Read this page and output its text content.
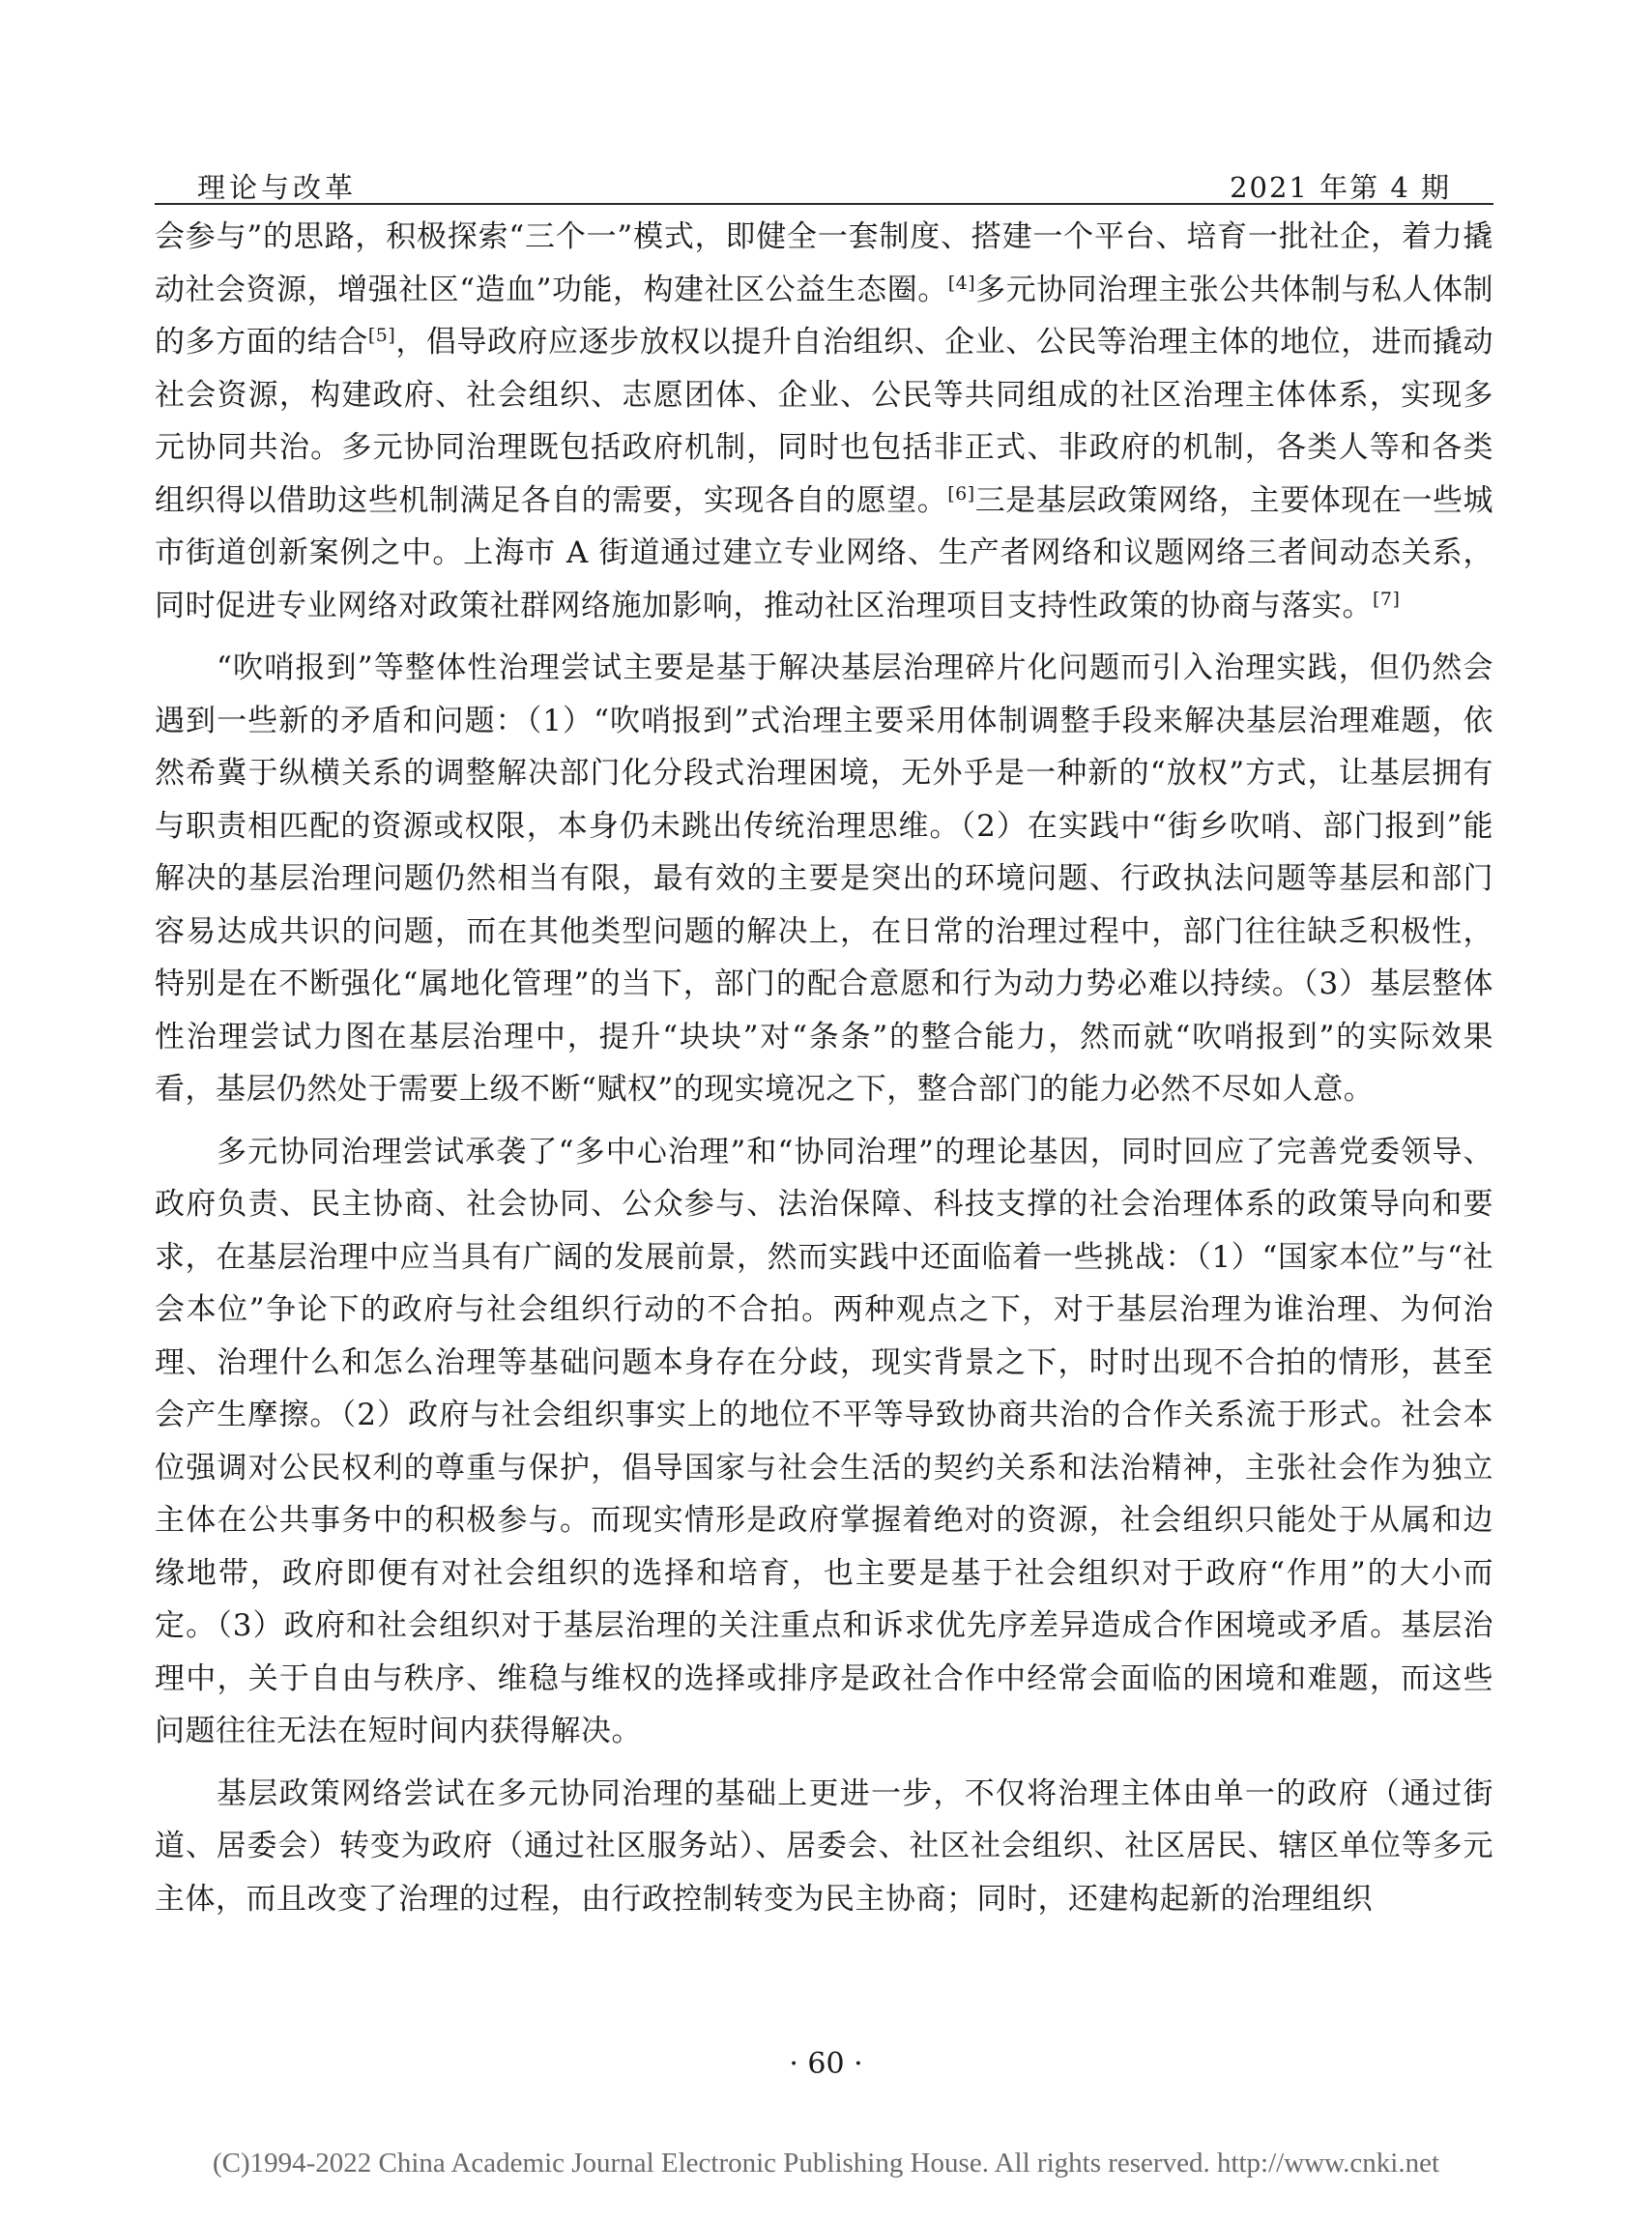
理论与改革	2021 年第 4 期

会参与”的思路，积极探索“三个一”模式，即健全一套制度、搭建一个平台、培育一批社企，着力撬动社会资源，增强社区“造血”功能，构建社区公益生态圈。[4]多元协同治理主张公共体制与私人体制的多方面的结合[5]，倡导政府应逐步放权以提升自治组织、企业、公民等治理主体的地位，进而撬动社会资源，构建政府、社会组织、志愿团体、企业、公民等共同组成的社区治理主体体系，实现多元协同共治。多元协同治理既包括政府机制，同时也包括非正式、非政府的机制，各类人等和各类组织得以借助这些机制满足各自的需要，实现各自的愿望。[6]三是基层政策网络，主要体现在一些城市街道创新案例之中。上海市 A 街道通过建立专业网络、生产者网络和议题网络三者间动态关系，同时促进专业网络对政策社群网络施加影响，推动社区治理项目支持性政策的协商与落实。[7]

“吹哨报到”等整体性治理尝试主要是基于解决基层治理碎片化问题而引入治理实践，但仍然会遇到一些新的矛盾和问题：（1）“吹哨报到”式治理主要采用体制调整手段来解决基层治理难题，依然希冀于纵横关系的调整解决部门化分段式治理困境，无外乎是一种新的“放权”方式，让基层拥有与职责相匹配的资源或权限，本身仍未跳出传统治理思维。（2）在实践中“街乡吹哨、部门报到”能解决的基层治理问题仍然相当有限，最有效的主要是突出的环境问题、行政执法问题等基层和部门容易达成共识的问题，而在其他类型问题的解决上，在日常的治理过程中，部门往往缺乏积极性，特别是在不断强化“属地化管理”的当下，部门的配合意愿和行为动力势必难以持续。（3）基层整体性治理尝试力图在基层治理中，提升“块块”对“条条”的整合能力，然而就“吹哨报到”的实际效果看，基层仍然处于需要上级不断“赋权”的现实境况之下，整合部门的能力必然不尽如人意。

多元协同治理尝试承袭了“多中心治理”和“协同治理”的理论基因，同时回应了完善党委领导、政府负责、民主协商、社会协同、公众参与、法治保障、科技支撑的社会治理体系的政策导向和要求，在基层治理中应当具有广阔的发展前景，然而实践中还面临着一些挑战：（1）“国家本位”与“社会本位”争论下的政府与社会组织行动的不合拍。两种观点之下，对于基层治理为谁治理、为何治理、治理什么和怎么治理等基础问题本身存在分歧，现实背景之下，时时出现不合拍的情形，甚至会产生摩擦。（2）政府与社会组织事实上的地位不平等导致协商共治的合作关系流于形式。社会本位强调对公民权利的尊重与保护，倡导国家与社会生活的契约关系和法治精神，主张社会作为独立主体在公共事务中的积极参与。而现实情形是政府掌握着绝对的资源，社会组织只能处于从属和边缘地带，政府即便有对社会组织的选择和培育，也主要是基于社会组织对于政府“作用”的大小而定。（3）政府和社会组织对于基层治理的关注重点和诉求优先序差异造成合作困境或矛盾。基层治理中，关于自由与秩序、维稳与维权的选择或排序是政社合作中经常会面临的困境和难题，而这些问题往往无法在短时间内获得解决。

基层政策网络尝试在多元协同治理的基础上更进一步，不仅将治理主体由单一的政府（通过街道、居委会）转变为政府（通过社区服务站）、居委会、社区社会组织、社区居民、辖区单位等多元主体，而且改变了治理的过程，由行政控制转变为民主协商；同时，还建构起新的治理组织

· 60 ·
(C)1994-2022 China Academic Journal Electronic Publishing House. All rights reserved. http://www.cnki.net
